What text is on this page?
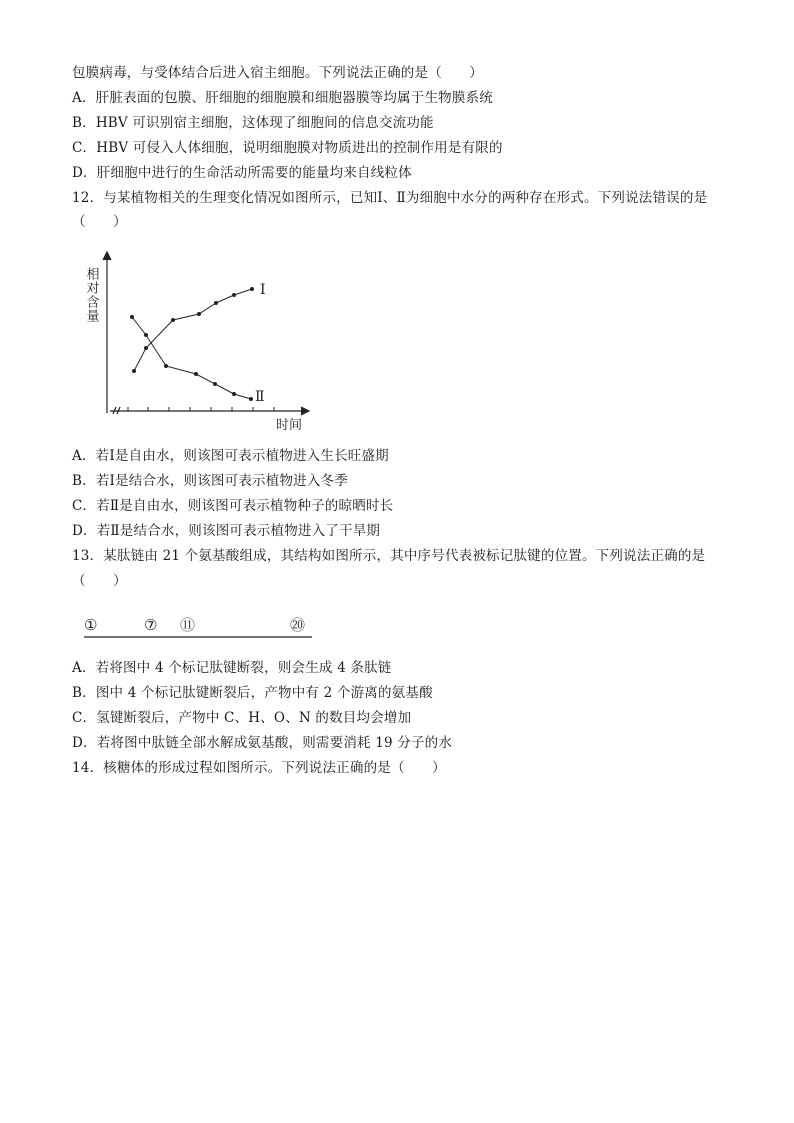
包膜病毒，与受体结合后进入宿主细胞。下列说法正确的是（　　）
A．肝脏表面的包膜、肝细胞的细胞膜和细胞器膜等均属于生物膜系统
B．HBV 可识别宿主细胞，这体现了细胞间的信息交流功能
C．HBV 可侵入人体细胞，说明细胞膜对物质进出的控制作用是有限的
D．肝细胞中进行的生命活动所需要的能量均来自线粒体
12．与某植物相关的生理变化情况如图所示，已知Ⅰ、Ⅱ为细胞中水分的两种存在形式。下列说法错误的是
（　　）
Ⅰ
Ⅱ
相对含量
时间
A．若Ⅰ是自由水，则该图可表示植物进入生长旺盛期
B．若Ⅰ是结合水，则该图可表示植物进入冬季
C．若Ⅱ是自由水，则该图可表示植物种子的晾晒时长
D．若Ⅱ是结合水，则该图可表示植物进入了干旱期
13．某肽链由 21 个氨基酸组成，其结构如图所示，其中序号代表被标记肽键的位置。下列说法正确的是
（　　）
①	⑦ ⑪	⑳
A．若将图中 4 个标记肽键断裂，则会生成 4 条肽链
B．图中 4 个标记肽键断裂后，产物中有 2 个游离的氨基酸
C．氢键断裂后，产物中 C、H、O、N 的数目均会增加
D．若将图中肽链全部水解成氨基酸，则需要消耗 19 分子的水
14．核糖体的形成过程如图所示。下列说法正确的是（　　）
